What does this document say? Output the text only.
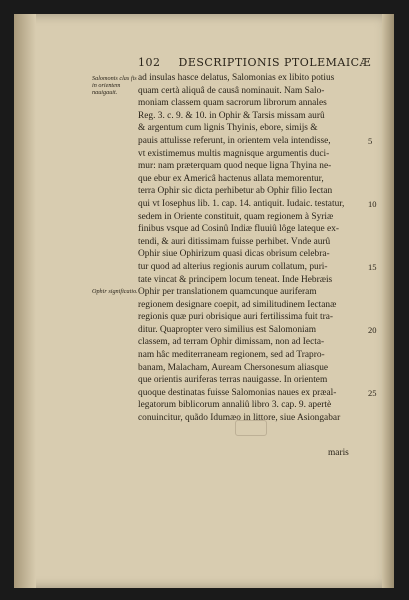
102 DESCRIPTIONIS PTOLEMAICÆ
Salomonis clas fis in orientem nauigauit.
Ophir significatio.
ad insulas hasce delatus, Salomonias ex libito potius
quam certà aliquâ de causâ nominauit. Nam Salo-
moniam classem quam sacrorum librorum annales
Reg. 3. c. 9. & 10. in Ophir & Tarsis missam aurû
& argentum cum lignis Thyinis, ebore, simijs &
pauis attulisse referunt, in orientem vela intendisse,
vt existimemus multis magnisque argumentis duci-
mur: nam præterquam quod neque ligna Thyina ne-
que ebur ex Americâ hactenus allata memorentur,
terra Ophir sic dicta perhibetur ab Ophir filio Iectan
qui vt Iosephus lib. 1. cap. 14. antiquit. Iudaic. testatur,
sedem in Oriente constituit, quam regionem à Syriæ
finibus vsque ad Cosinû Indiæ fluuiû lôge lateque ex-
tendi, & auri ditissimam fuisse perhibet. Vnde aurû
Ophir siue Ophirizum quasi dicas obrisum celebra-
tur quod ad alterius regionis aurum collatum, puri-
tate vincat & principem locum teneat. Inde Hebræis
Ophir per translationem quamcunque auriferam
regionem designare coepit, ad similitudinem Iectanæ
regionis quæ puri obrisique auri fertilissima fuit tra-
ditur. Quapropter vero similius est Salomoniam
classem, ad terram Ophir dimissam, non ad Iecta-
nam hâc mediterraneam regionem, sed ad Trapro-
banam, Malacham, Auream Chersonesum aliasque
que orientis auriferas terras nauigasse. In orientem
quoque destinatas fuisse Salomonias naues ex præal-
legatorum biblicorum annaliû libro 3. cap. 9. apertè
conuincitur, quãdo Idumæo in littore, siue Asiongabar
5
10
15
20
25
maris
